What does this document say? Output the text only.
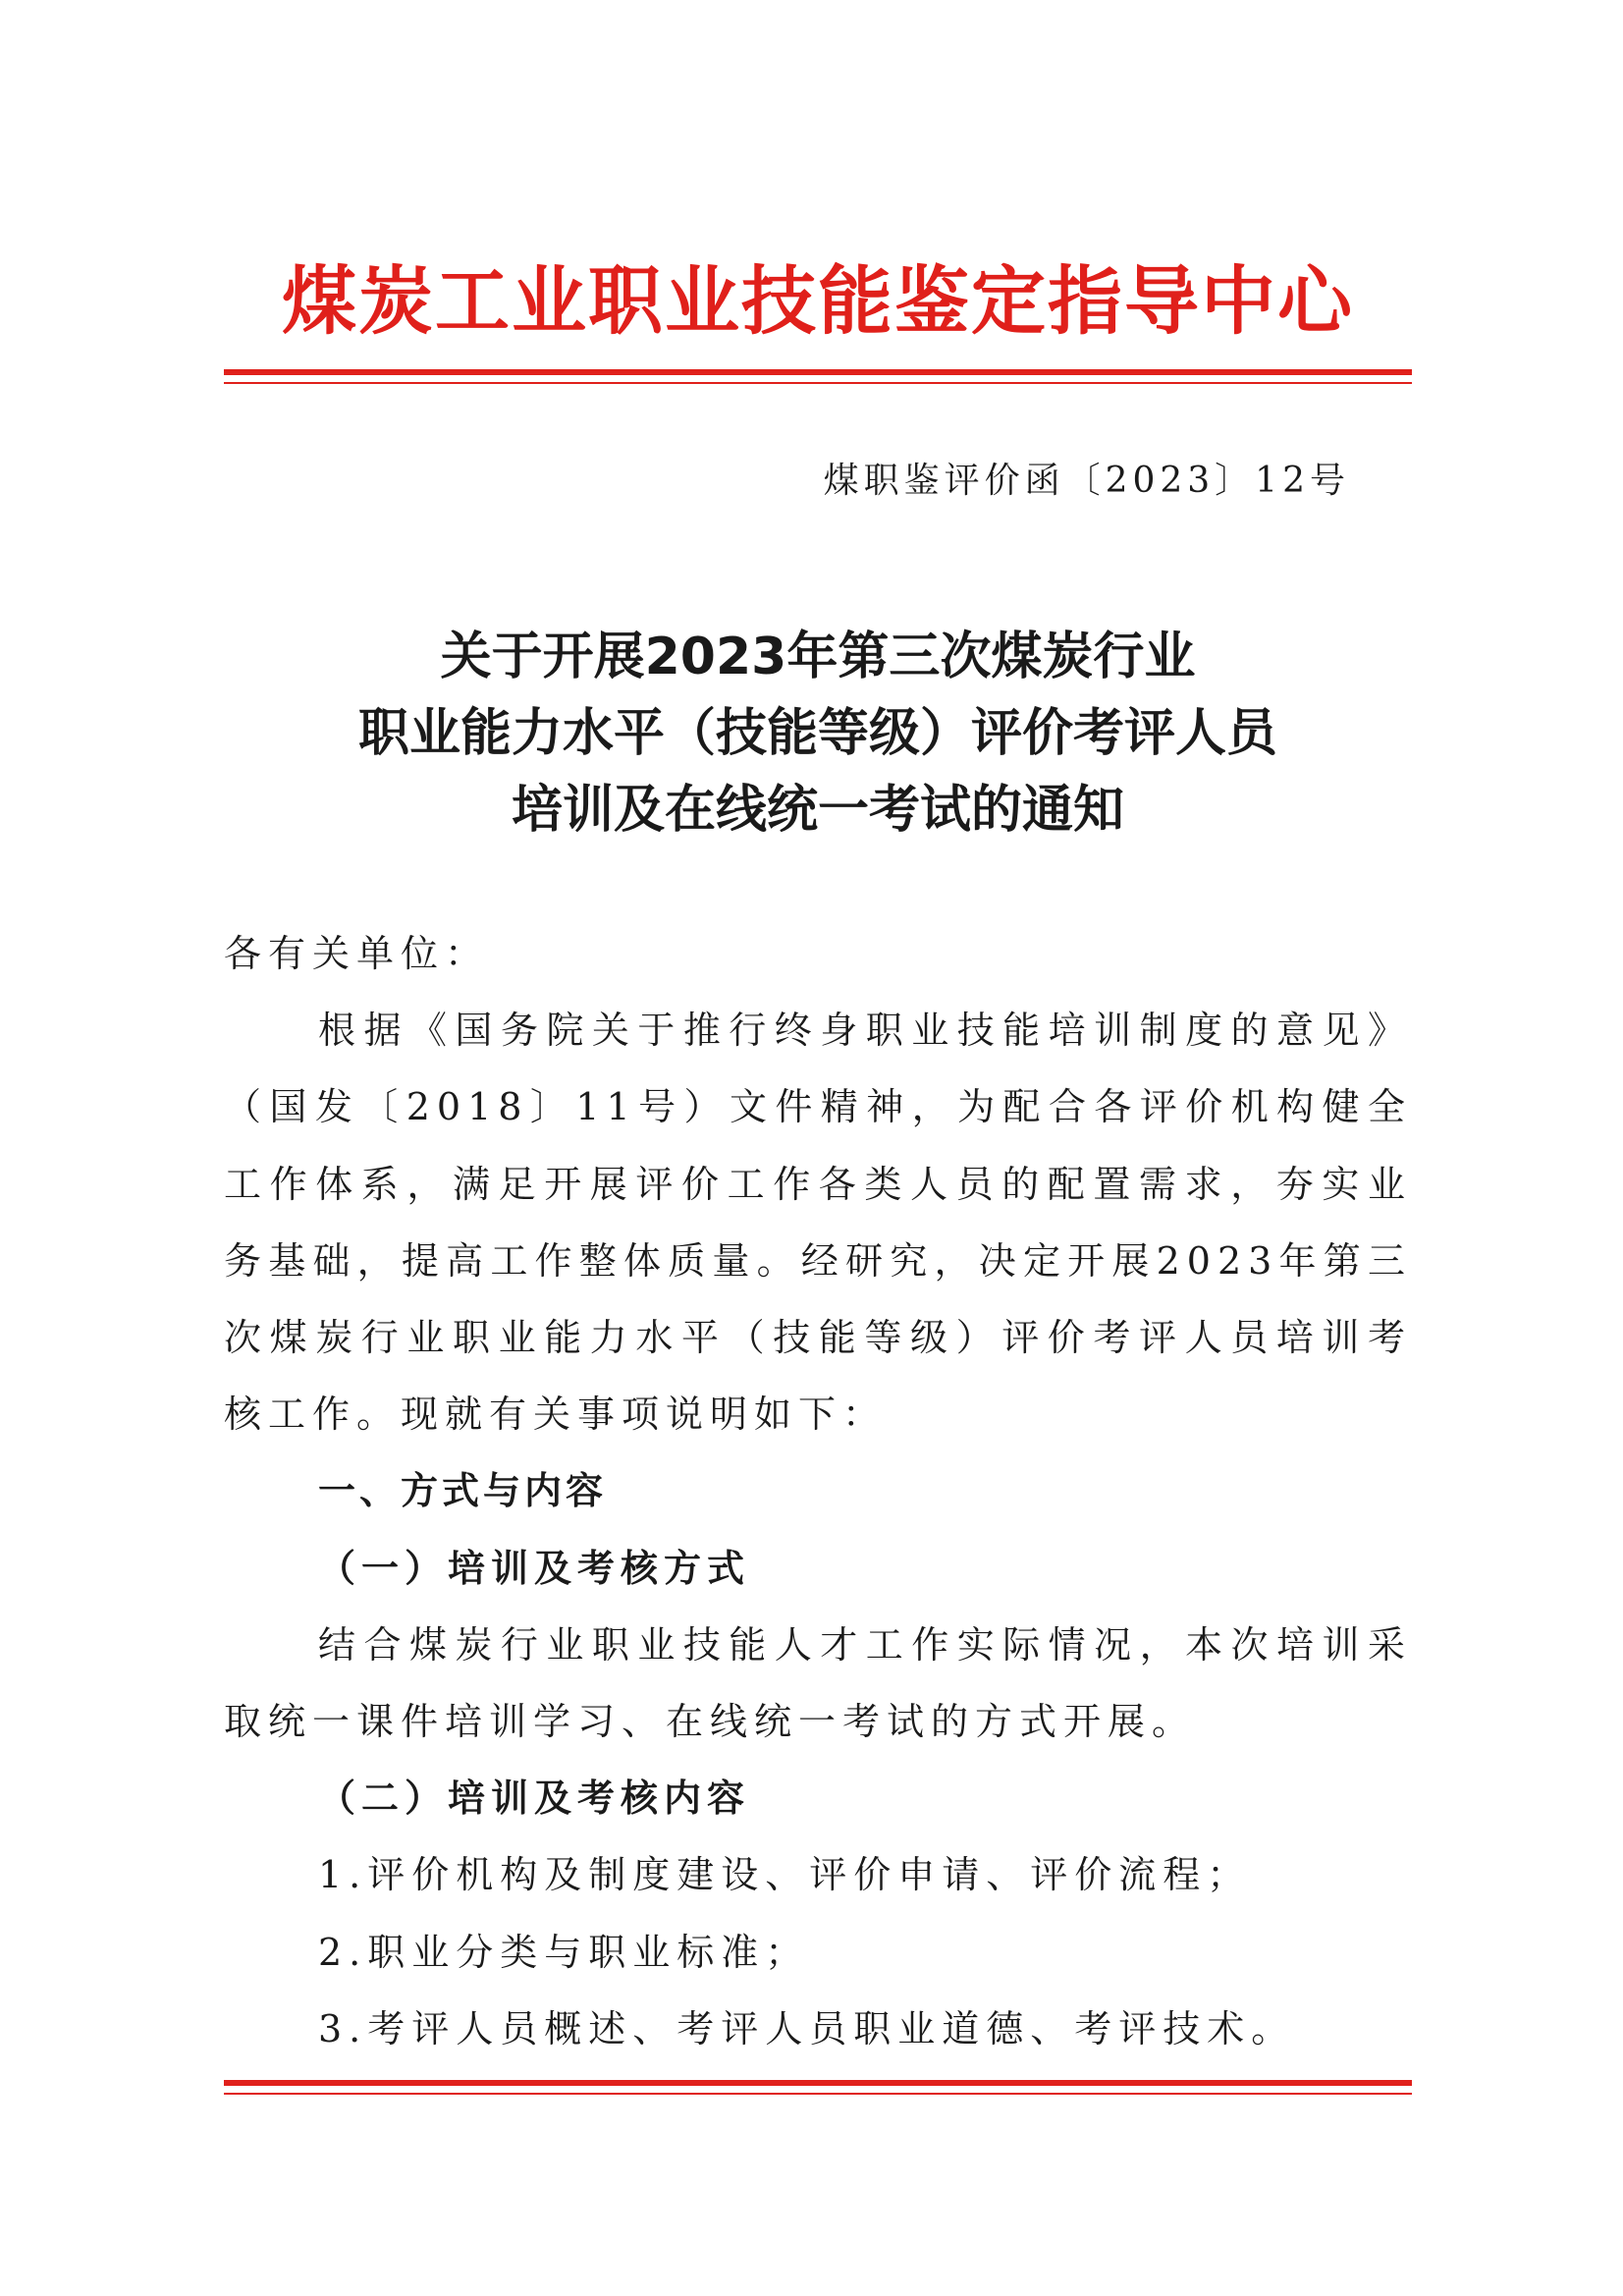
煤炭工业职业技能鉴定指导中心
煤职鉴评价函〔2023〕12号
关于开展2023年第三次煤炭行业
职业能力水平（技能等级）评价考评人员
培训及在线统一考试的通知

各有关单位：

根据《国务院关于推行终身职业技能培训制度的意见》（国发〔2018〕11号）文件精神，为配合各评价机构健全工作体系，满足开展评价工作各类人员的配置需求，夯实业务基础，提高工作整体质量。经研究，决定开展2023年第三次煤炭行业职业能力水平（技能等级）评价考评人员培训考核工作。现就有关事项说明如下：

一、方式与内容

（一）培训及考核方式

结合煤炭行业职业技能人才工作实际情况，本次培训采取统一课件培训学习、在线统一考试的方式开展。

（二）培训及考核内容

1.评价机构及制度建设、评价申请、评价流程；

2.职业分类与职业标准；

3.考评人员概述、考评人员职业道德、考评技术。
